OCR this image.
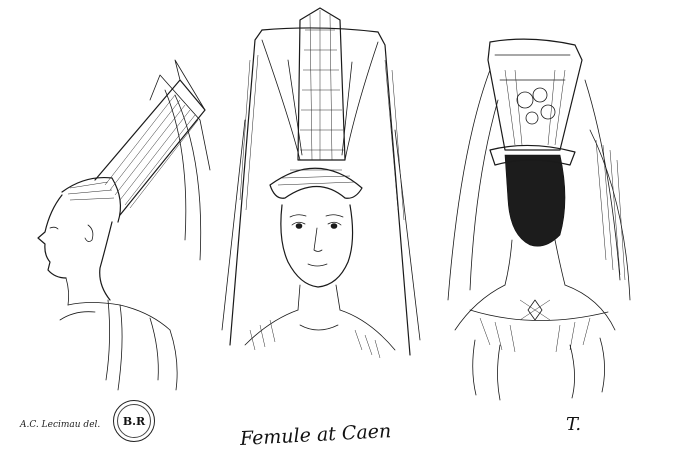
A.C. Lecimau del.	B.R	Femule at Caen	T.
